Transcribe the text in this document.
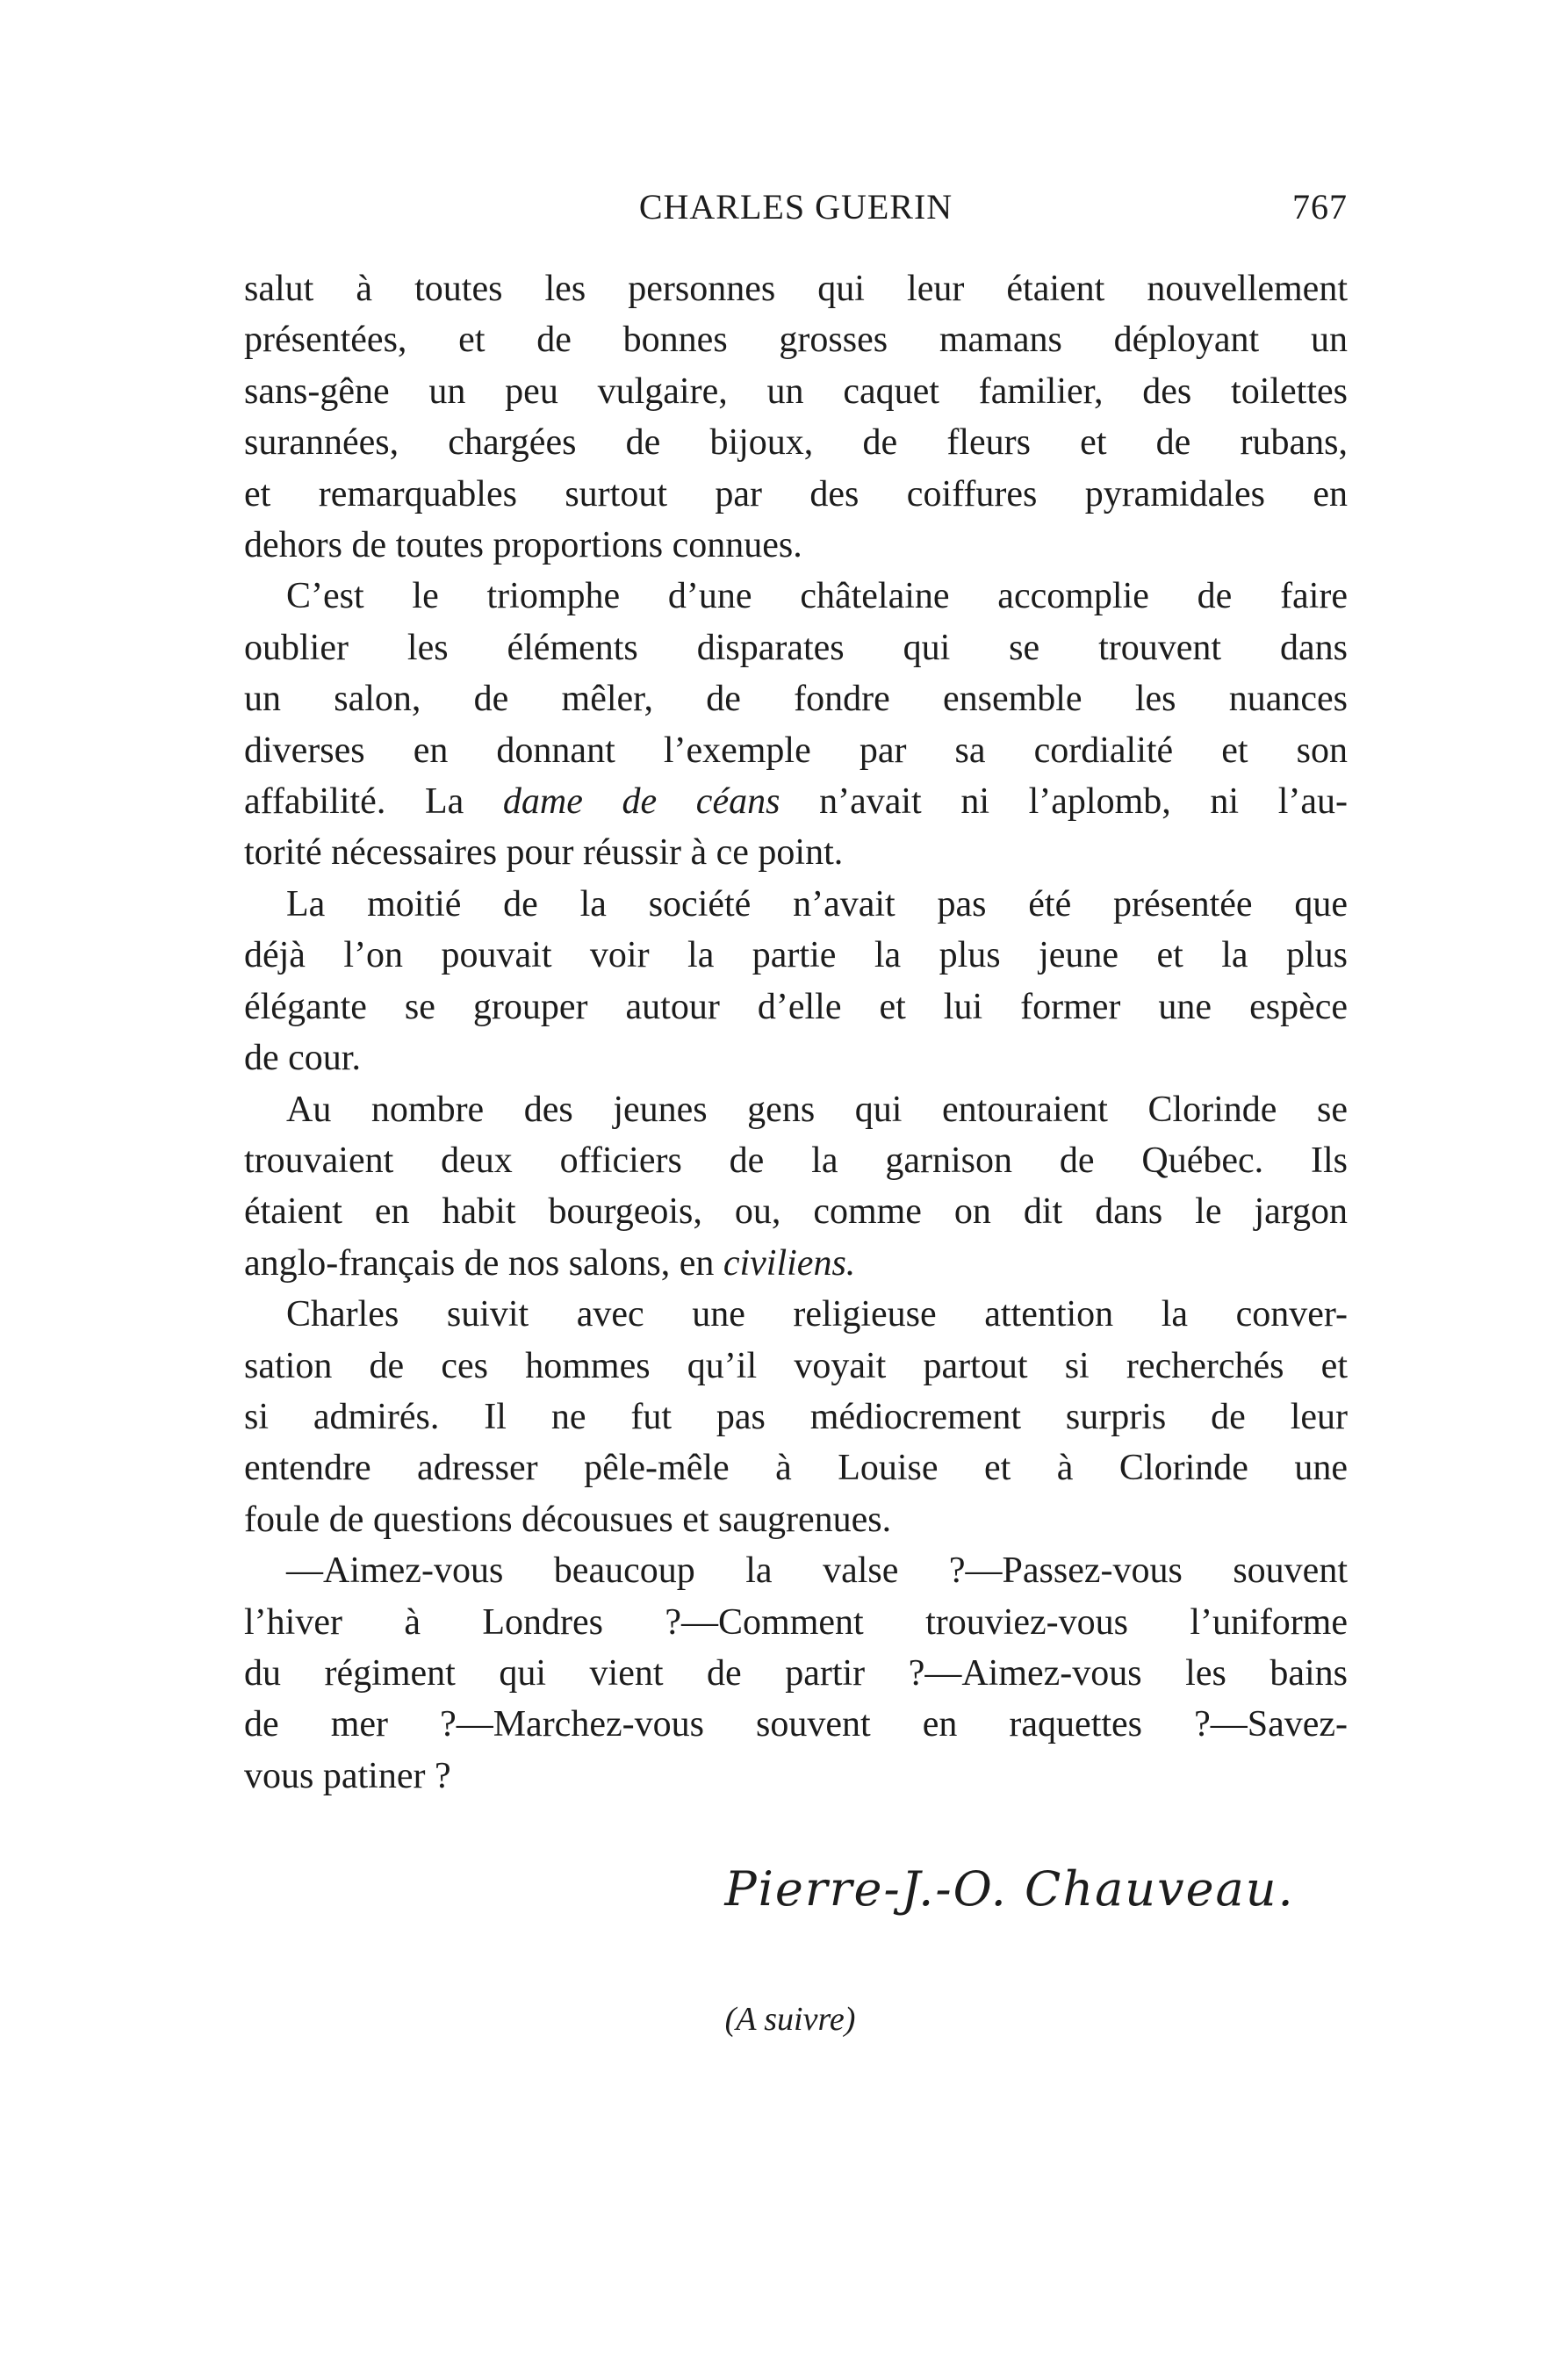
CHARLES GUERIN	767
salut à toutes les personnes qui leur étaient nouvellement
présentées, et de bonnes grosses mamans déployant un
sans-gêne un peu vulgaire, un caquet familier, des toilettes
surannées, chargées de bijoux, de fleurs et de rubans,
et remarquables surtout par des coiffures pyramidales en
dehors de toutes proportions connues.
C’est le triomphe d’une châtelaine accomplie de faire
oublier les éléments disparates qui se trouvent dans
un salon, de mêler, de fondre ensemble les nuances
diverses en donnant l’exemple par sa cordialité et son
affabilité. La dame de céans n’avait ni l’aplomb, ni l’au-
torité nécessaires pour réussir à ce point.
La moitié de la société n’avait pas été présentée que
déjà l’on pouvait voir la partie la plus jeune et la plus
élégante se grouper autour d’elle et lui former une espèce
de cour.
Au nombre des jeunes gens qui entouraient Clorinde se
trouvaient deux officiers de la garnison de Québec. Ils
étaient en habit bourgeois, ou, comme on dit dans le jargon
anglo-français de nos salons, en civiliens.
Charles suivit avec une religieuse attention la conver-
sation de ces hommes qu’il voyait partout si recherchés et
si admirés. Il ne fut pas médiocrement surpris de leur
entendre adresser pêle-mêle à Louise et à Clorinde une
foule de questions décousues et saugrenues.
—Aimez-vous beaucoup la valse ?—Passez-vous souvent
l’hiver à Londres ?—Comment trouviez-vous l’uniforme
du régiment qui vient de partir ?—Aimez-vous les bains
de mer ?—Marchez-vous souvent en raquettes ?—Savez-
vous patiner ?
Pierre-J.-O. Chauveau.
(A suivre)
